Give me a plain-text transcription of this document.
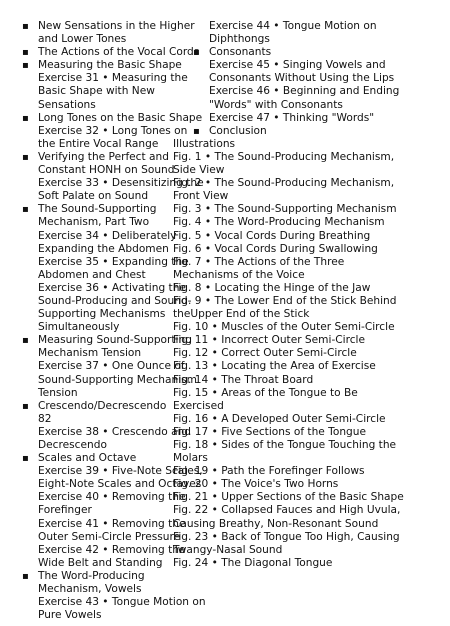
▪ New Sensations in the Higher and Lower Tones
▪ The Actions of the Vocal Cords
▪ Measuring the Basic Shape
Exercise 31 • Measuring the Basic Shape with New Sensations
▪ Long Tones on the Basic Shape
Exercise 32 • Long Tones on the Entire Vocal Range
▪ Verifying the Perfect and Constant HONH on Sound
Exercise 33 • Desensitizing the Soft Palate on Sound
▪ The Sound-Supporting Mechanism, Part Two
Exercise 34 • Deliberately Expanding the Abdomen
Exercise 35 • Expanding the Abdomen and Chest
Exercise 36 • Activating the Sound-Producing and Sound-Supporting Mechanisms Simultaneously
▪ Measuring Sound-Supporting Mechanism Tension
Exercise 37 • One Ounce of Sound-Supporting Mechanism Tension
▪ Crescendo/Decrescendo
82
Exercise 38 • Crescendo and Decrescendo
▪ Scales and Octave
Exercise 39 • Five-Note Scales, Eight-Note Scales and Octaves
Exercise 40 • Removing the Forefinger
Exercise 41 • Removing the Outer Semi-Circle Pressure
Exercise 42 • Removing the Wide Belt and Standing
▪ The Word-Producing Mechanism, Vowels
Exercise 43 • Tongue Motion on Pure Vowels
Exercise 44 • Tongue Motion on Diphthongs
▪ Consonants
Exercise 45 • Singing Vowels and Consonants Without Using the Lips
Exercise 46 • Beginning and Ending "Words" with Consonants
Exercise 47 • Thinking "Words"
▪ Conclusion
Illustrations
Fig. 1 • The Sound-Producing Mechanism, Side View
Fig. 2 • The Sound-Producing Mechanism, Front View
Fig. 3 • The Sound-Supporting Mechanism
Fig. 4 • The Word-Producing Mechanism
Fig. 5 • Vocal Cords During Breathing
Fig. 6 • Vocal Cords During Swallowing
Fig. 7 • The Actions of the Three Mechanisms of the Voice
Fig. 8 • Locating the Hinge of the Jaw
Fig. 9 • The Lower End of the Stick Behind theUpper End of the Stick
Fig. 10 • Muscles of the Outer Semi-Circle
Fig. 11 • Incorrect Outer Semi-Circle
Fig. 12 • Correct Outer Semi-Circle
Fig. 13 • Locating the Area of Exercise
Fig. 14 • The Throat Board
Fig. 15 • Areas of the Tongue to Be Exercised
Fig. 16 • A Developed Outer Semi-Circle
Fig. 17 • Five Sections of the Tongue
Fig. 18 • Sides of the Tongue Touching the Molars
Fig. 19 • Path the Forefinger Follows
Fig. 20 • The Voice's Two Horns
Fig. 21 • Upper Sections of the Basic Shape
Fig. 22 • Collapsed Fauces and High Uvula, Causing Breathy, Non-Resonant Sound
Fig. 23 • Back of Tongue Too High, Causing Twangy-Nasal Sound
Fig. 24 • The Diagonal Tongue
